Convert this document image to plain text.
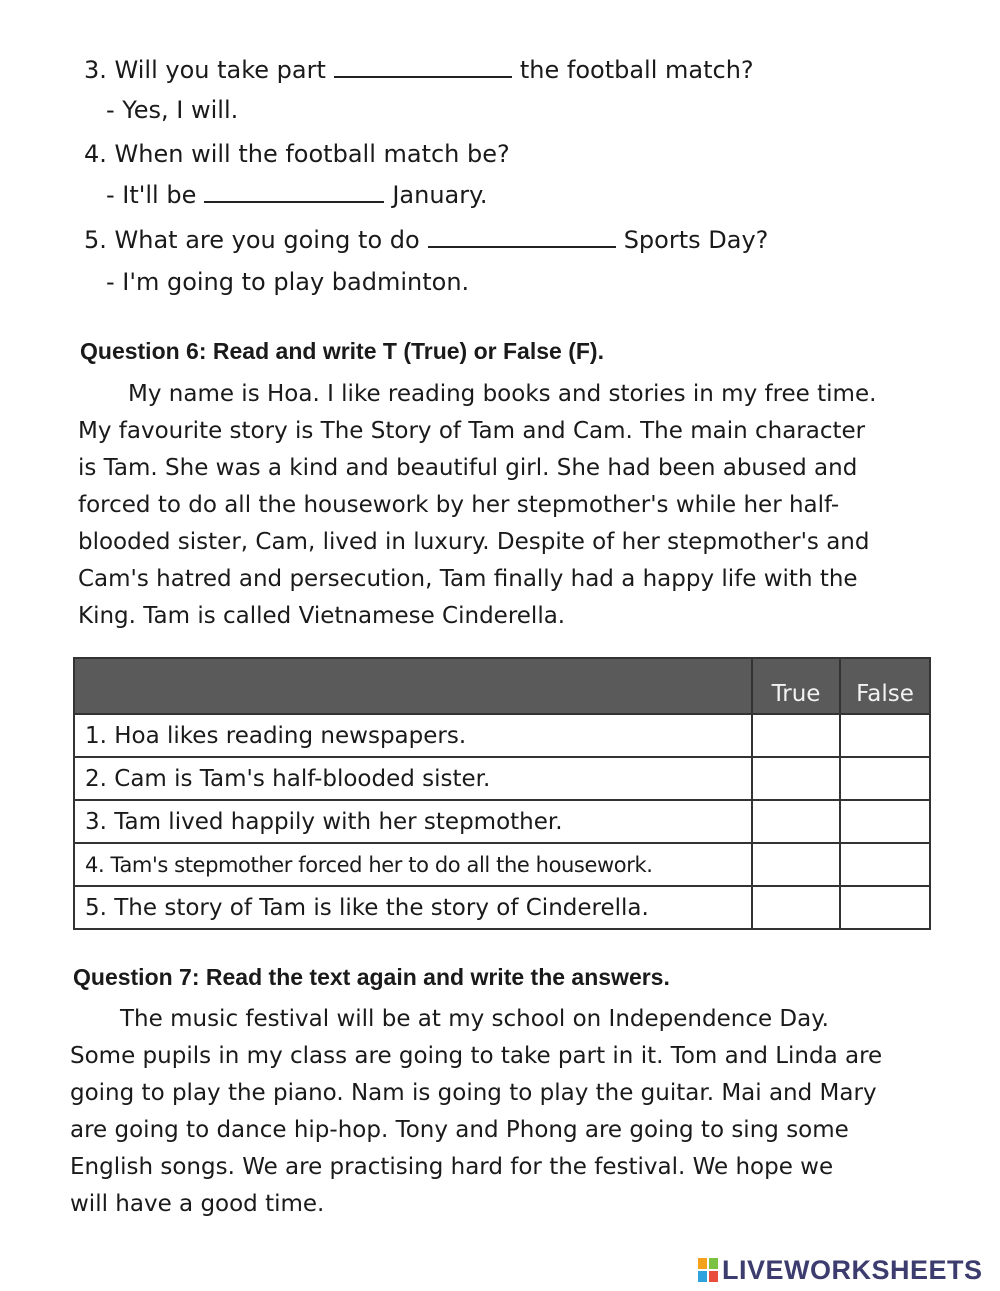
3. Will you take part	the football match?
- Yes, I will.
4. When will the football match be?
- It'll be	January.
5. What are you going to do	Sports Day?
- I'm going to play badminton.
Question 6: Read and write T (True) or False (F).
My name is Hoa. I like reading books and stories in my free time.
My favourite story is The Story of Tam and Cam. The main character
is Tam. She was a kind and beautiful girl. She had been abused and
forced to do all the housework by her stepmother's while her half-
blooded sister, Cam, lived in luxury. Despite of her stepmother's and
Cam's hatred and persecution, Tam finally had a happy life with the
King. Tam is called Vietnamese Cinderella.
	True	False
1. Hoa likes reading newspapers.		
2. Cam is Tam's half-blooded sister.		
3. Tam lived happily with her stepmother.		
4. Tam's stepmother forced her to do all the housework.		
5. The story of Tam is like the story of Cinderella.		
Question 7: Read the text again and write the answers.
The music festival will be at my school on Independence Day.
Some pupils in my class are going to take part in it. Tom and Linda are
going to play the piano. Nam is going to play the guitar. Mai and Mary
are going to dance hip-hop. Tony and Phong are going to sing some
English songs. We are practising hard for the festival. We hope we
will have a good time.
LIVEWORKSHEETS
